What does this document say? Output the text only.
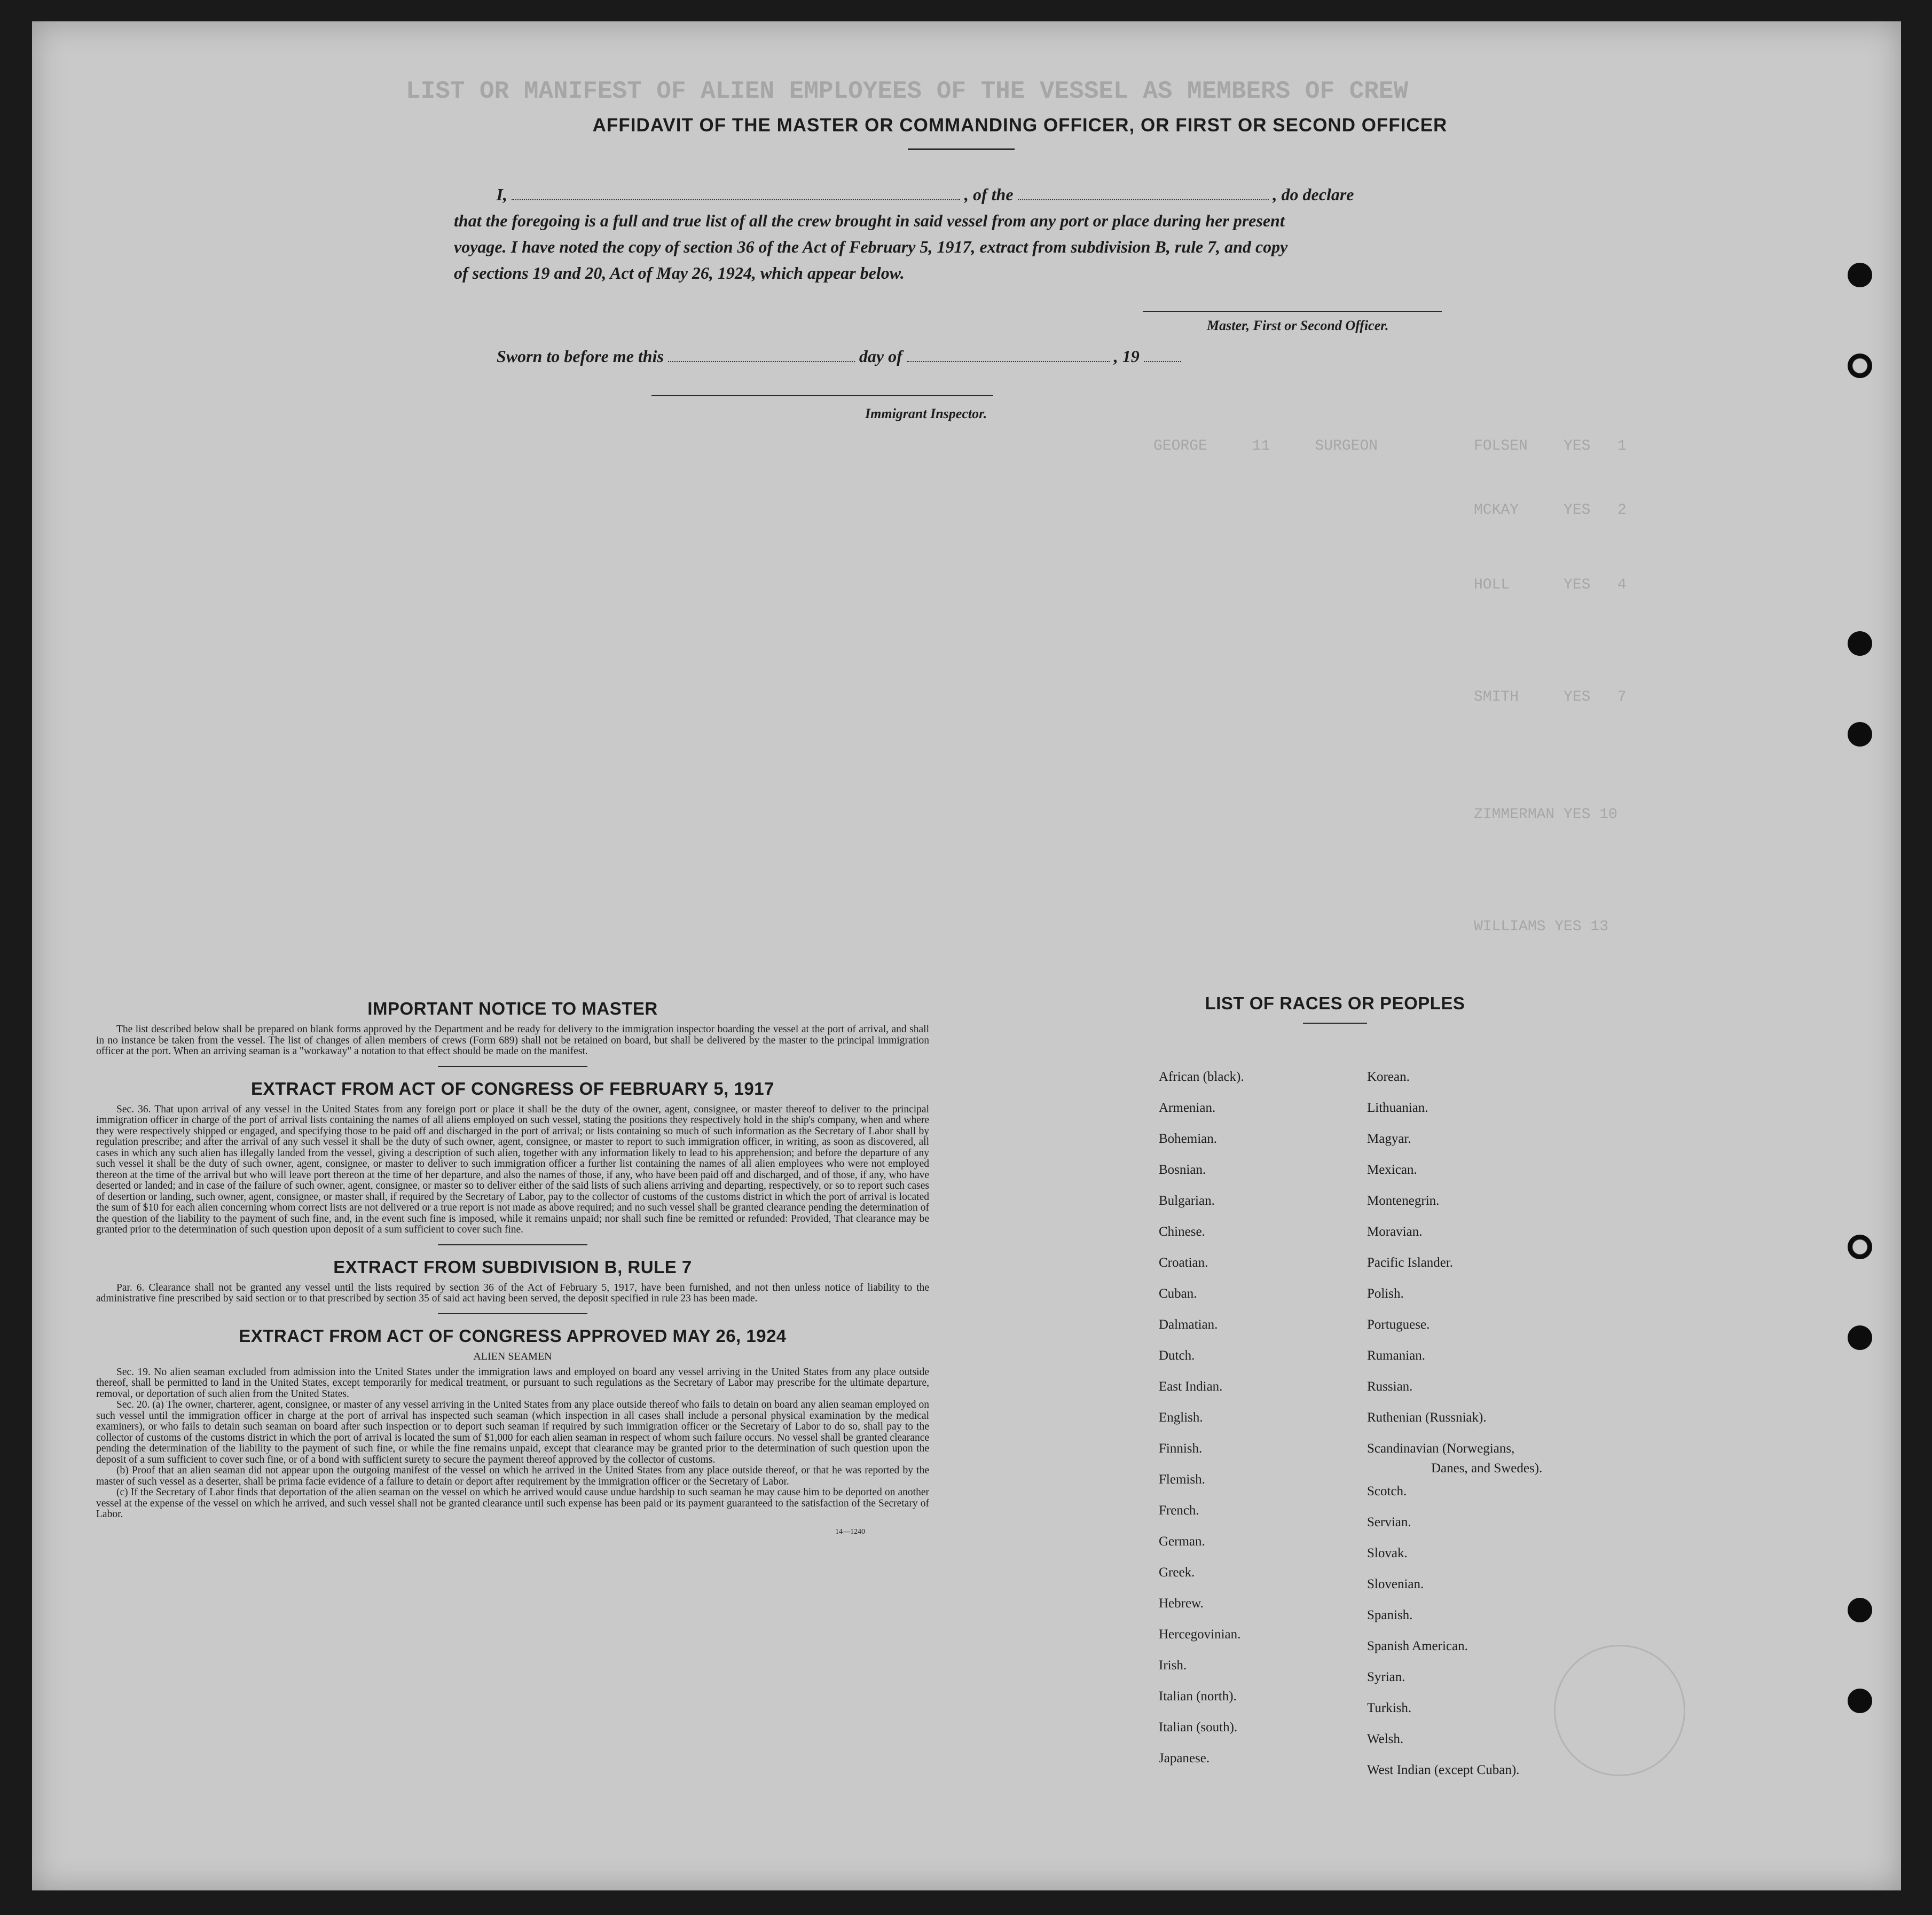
LIST OR MANIFEST OF ALIEN EMPLOYEES OF THE VESSEL AS MEMBERS OF CREW
GEORGE     11     SURGEON	FOLSEN    YES   1
MCKAY     YES   2
HOLL      YES   4
SMITH     YES   7
ZIMMERMAN YES 10
WILLIAMS YES 13
AFFIDAVIT OF THE MASTER OR COMMANDING OFFICER, OR FIRST OR SECOND OFFICER
I,	, of the	, do declare
that the foregoing is a full and true list of all the crew brought in said vessel from any port or place during her present
voyage. I have noted the copy of section 36 of the Act of February 5, 1917, extract from subdivision B, rule 7, and copy
of sections 19 and 20, Act of May 26, 1924, which appear below.
Master, First or Second Officer.
Sworn to before me this	day of	, 19
Immigrant Inspector.
IMPORTANT NOTICE TO MASTER
The list described below shall be prepared on blank forms approved by the Department and be ready for delivery to the immigration inspector boarding the vessel at the port of arrival, and shall in no instance be taken from the vessel. The list of changes of alien members of crews (Form 689) shall not be retained on board, but shall be delivered by the master to the principal immigration officer at the port. When an arriving seaman is a "workaway" a notation to that effect should be made on the manifest.
EXTRACT FROM ACT OF CONGRESS OF FEBRUARY 5, 1917
Sec. 36. That upon arrival of any vessel in the United States from any foreign port or place it shall be the duty of the owner, agent, consignee, or master thereof to deliver to the principal immigration officer in charge of the port of arrival lists containing the names of all aliens employed on such vessel, stating the positions they respectively hold in the ship's company, when and where they were respectively shipped or engaged, and specifying those to be paid off and discharged in the port of arrival; or lists containing so much of such information as the Secretary of Labor shall by regulation prescribe; and after the arrival of any such vessel it shall be the duty of such owner, agent, consignee, or master to report to such immigration officer, in writing, as soon as discovered, all cases in which any such alien has illegally landed from the vessel, giving a description of such alien, together with any information likely to lead to his apprehension; and before the departure of any such vessel it shall be the duty of such owner, agent, consignee, or master to deliver to such immigration officer a further list containing the names of all alien employees who were not employed thereon at the time of the arrival but who will leave port thereon at the time of her departure, and also the names of those, if any, who have been paid off and discharged, and of those, if any, who have deserted or landed; and in case of the failure of such owner, agent, consignee, or master so to deliver either of the said lists of such aliens arriving and departing, respectively, or so to report such cases of desertion or landing, such owner, agent, consignee, or master shall, if required by the Secretary of Labor, pay to the collector of customs of the customs district in which the port of arrival is located the sum of $10 for each alien concerning whom correct lists are not delivered or a true report is not made as above required; and no such vessel shall be granted clearance pending the determination of the question of the liability to the payment of such fine, and, in the event such fine is imposed, while it remains unpaid; nor shall such fine be remitted or refunded: Provided, That clearance may be granted prior to the determination of such question upon deposit of a sum sufficient to cover such fine.
EXTRACT FROM SUBDIVISION B, RULE 7
Par. 6. Clearance shall not be granted any vessel until the lists required by section 36 of the Act of February 5, 1917, have been furnished, and not then unless notice of liability to the administrative fine prescribed by said section or to that prescribed by section 35 of said act having been served, the deposit specified in rule 23 has been made.
EXTRACT FROM ACT OF CONGRESS APPROVED MAY 26, 1924
ALIEN SEAMEN
Sec. 19. No alien seaman excluded from admission into the United States under the immigration laws and employed on board any vessel arriving in the United States from any place outside thereof, shall be permitted to land in the United States, except temporarily for medical treatment, or pursuant to such regulations as the Secretary of Labor may prescribe for the ultimate departure, removal, or deportation of such alien from the United States.
Sec. 20. (a) The owner, charterer, agent, consignee, or master of any vessel arriving in the United States from any place outside thereof who fails to detain on board any alien seaman employed on such vessel until the immigration officer in charge at the port of arrival has inspected such seaman (which inspection in all cases shall include a personal physical examination by the medical examiners), or who fails to detain such seaman on board after such inspection or to deport such seaman if required by such immigration officer or the Secretary of Labor to do so, shall pay to the collector of customs of the customs district in which the port of arrival is located the sum of $1,000 for each alien seaman in respect of whom such failure occurs. No vessel shall be granted clearance pending the determination of the liability to the payment of such fine, or while the fine remains unpaid, except that clearance may be granted prior to the determination of such question upon the deposit of a sum sufficient to cover such fine, or of a bond with sufficient surety to secure the payment thereof approved by the collector of customs.
(b) Proof that an alien seaman did not appear upon the outgoing manifest of the vessel on which he arrived in the United States from any place outside thereof, or that he was reported by the master of such vessel as a deserter, shall be prima facie evidence of a failure to detain or deport after requirement by the immigration officer or the Secretary of Labor.
(c) If the Secretary of Labor finds that deportation of the alien seaman on the vessel on which he arrived would cause undue hardship to such seaman he may cause him to be deported on another vessel at the expense of the vessel on which he arrived, and such vessel shall not be granted clearance until such expense has been paid or its payment guaranteed to the satisfaction of the Secretary of Labor.
14—1240
LIST OF RACES OR PEOPLES
Danes, and Swedes).
African (black).
Armenian.
Bohemian.
Bosnian.
Bulgarian.
Chinese.
Croatian.
Cuban.
Dalmatian.
Dutch.
East Indian.
English.
Finnish.
Flemish.
French.
German.
Greek.
Hebrew.
Hercegovinian.
Irish.
Italian (north).
Italian (south).
Japanese.
Korean.
Lithuanian.
Magyar.
Mexican.
Montenegrin.
Moravian.
Pacific Islander.
Polish.
Portuguese.
Rumanian.
Russian.
Ruthenian (Russniak).
Scandinavian (Norwegians,
Scotch.
Servian.
Slovak.
Slovenian.
Spanish.
Spanish American.
Syrian.
Turkish.
Welsh.
West Indian (except Cuban).
